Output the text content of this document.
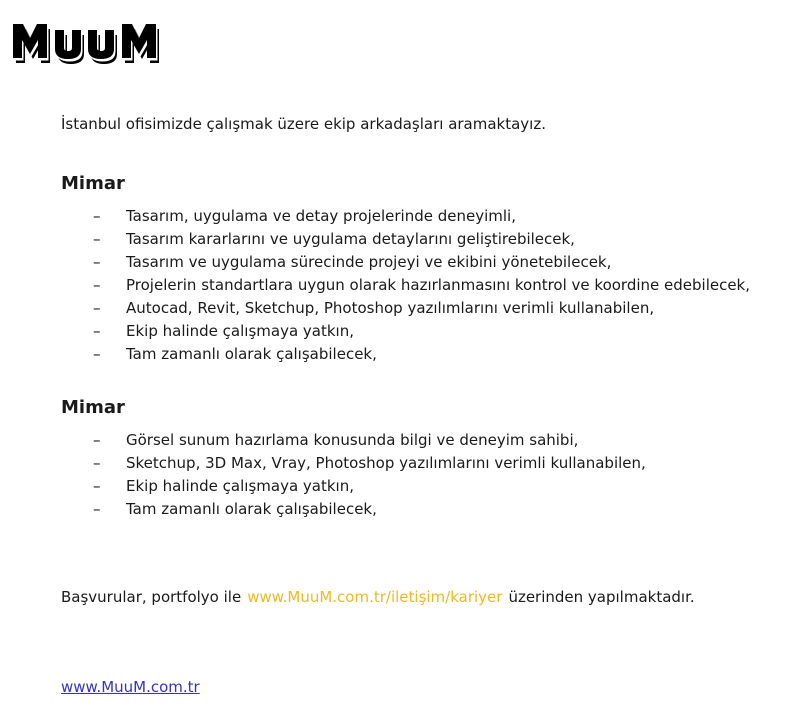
İstanbul ofisimizde çalışmak üzere ekip arkadaşları aramaktayız.

Mimar
– Tasarım, uygulama ve detay projelerinde deneyimli,
– Tasarım kararlarını ve uygulama detaylarını geliştirebilecek,
– Tasarım ve uygulama sürecinde projeyi ve ekibini yönetebilecek,
– Projelerin standartlara uygun olarak hazırlanmasını kontrol ve koordine edebilecek,
– Autocad, Revit, Sketchup, Photoshop yazılımlarını verimli kullanabilen,
– Ekip halinde çalışmaya yatkın,
– Tam zamanlı olarak çalışabilecek,
Mimar
– Görsel sunum hazırlama konusunda bilgi ve deneyim sahibi,
– Sketchup, 3D Max, Vray, Photoshop yazılımlarını verimli kullanabilen,
– Ekip halinde çalışmaya yatkın,
– Tam zamanlı olarak çalışabilecek,

Başvurular, portfolyo ile www.MuuM.com.tr/iletişim/kariyer üzerinden yapılmaktadır.

www.MuuM.com.tr
